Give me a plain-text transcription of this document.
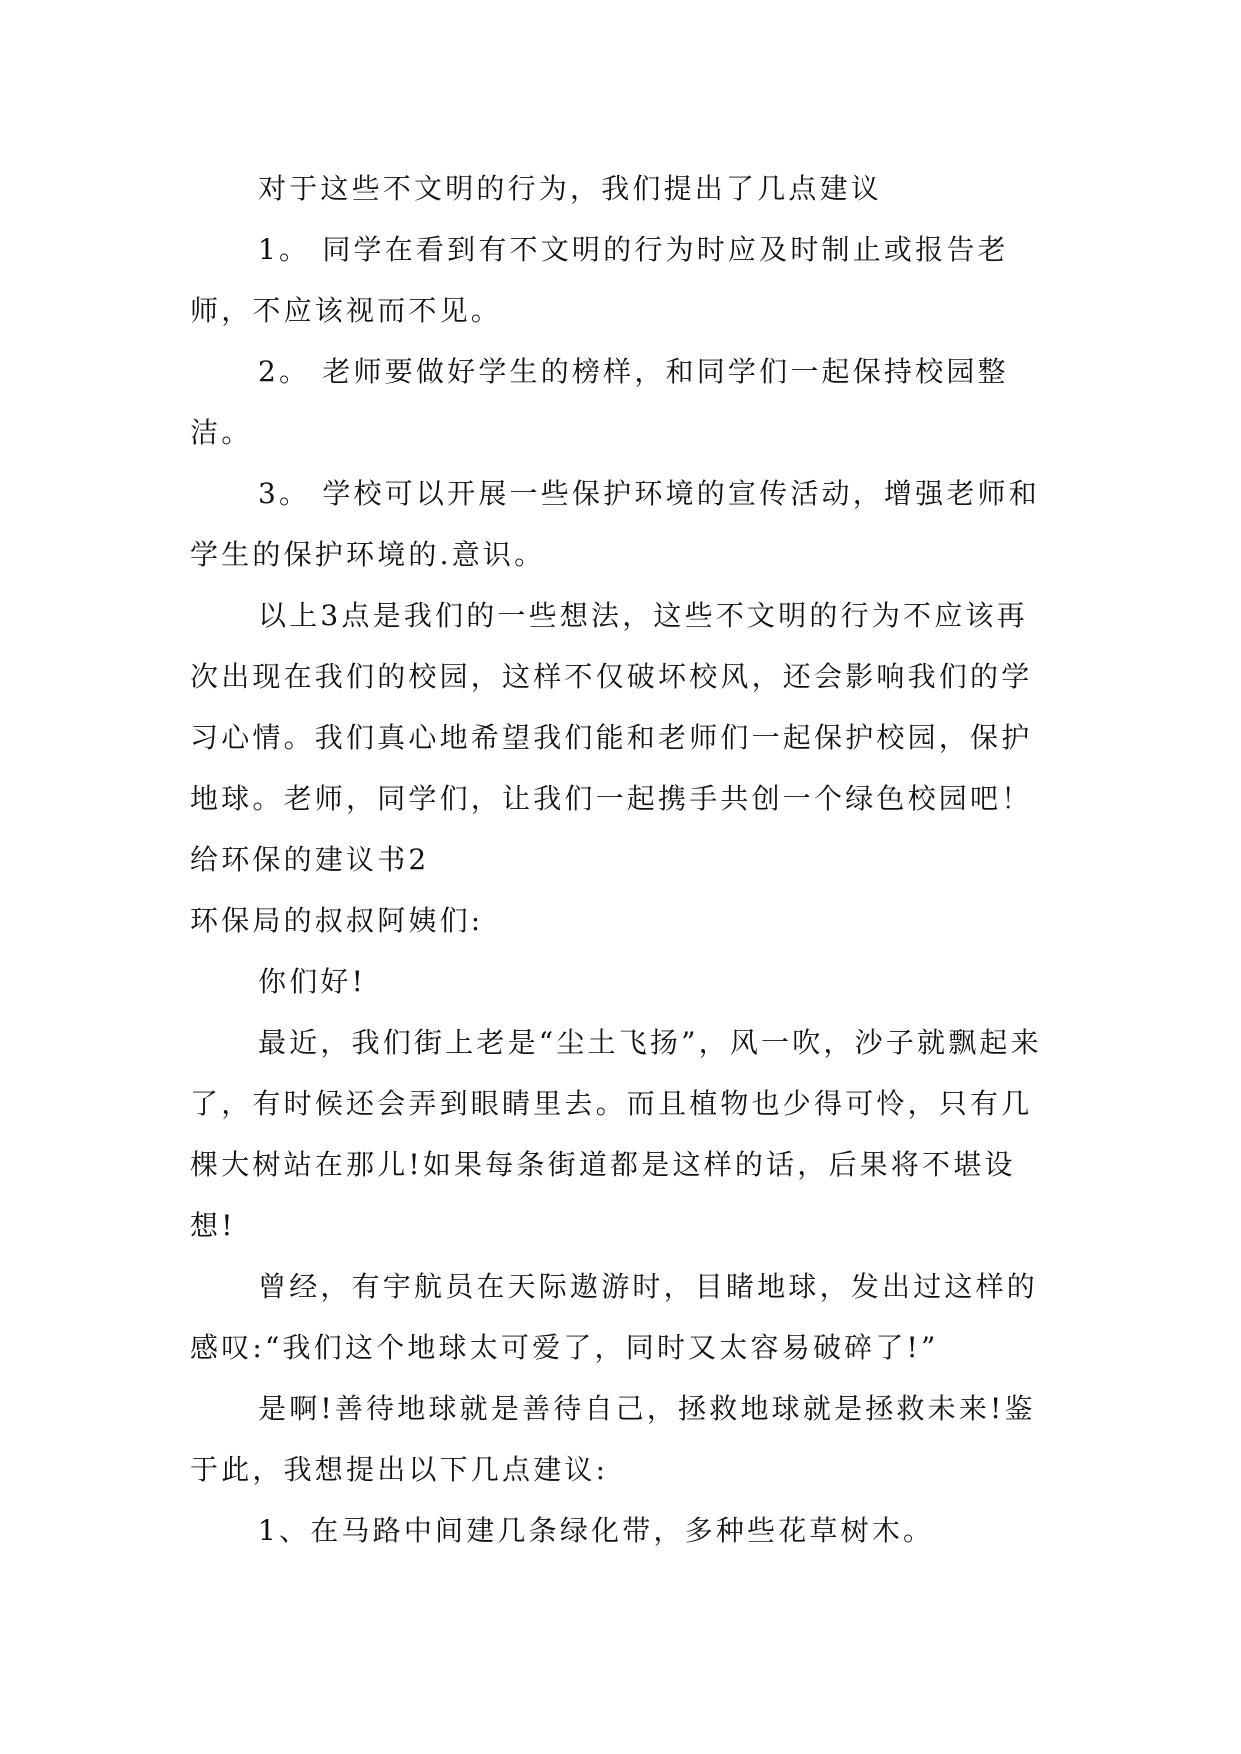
对于这些不文明的行为，我们提出了几点建议

1。 同学在看到有不文明的行为时应及时制止或报告老师，不应该视而不见。

2。 老师要做好学生的榜样，和同学们一起保持校园整洁。

3。 学校可以开展一些保护环境的宣传活动，增强老师和学生的保护环境的.意识。

以上3点是我们的一些想法，这些不文明的行为不应该再次出现在我们的校园，这样不仅破坏校风，还会影响我们的学习心情。我们真心地希望我们能和老师们一起保护校园，保护地球。老师，同学们，让我们一起携手共创一个绿色校园吧！

给环保的建议书2

环保局的叔叔阿姨们:

你们好!

最近，我们街上老是“尘土飞扬”，风一吹，沙子就飘起来了，有时候还会弄到眼睛里去。而且植物也少得可怜，只有几棵大树站在那儿!如果每条街道都是这样的话，后果将不堪设想!

曾经，有宇航员在天际遨游时，目睹地球，发出过这样的感叹:“我们这个地球太可爱了，同时又太容易破碎了!”

是啊!善待地球就是善待自己，拯救地球就是拯救未来!鉴于此，我想提出以下几点建议:

1、在马路中间建几条绿化带，多种些花草树木。
